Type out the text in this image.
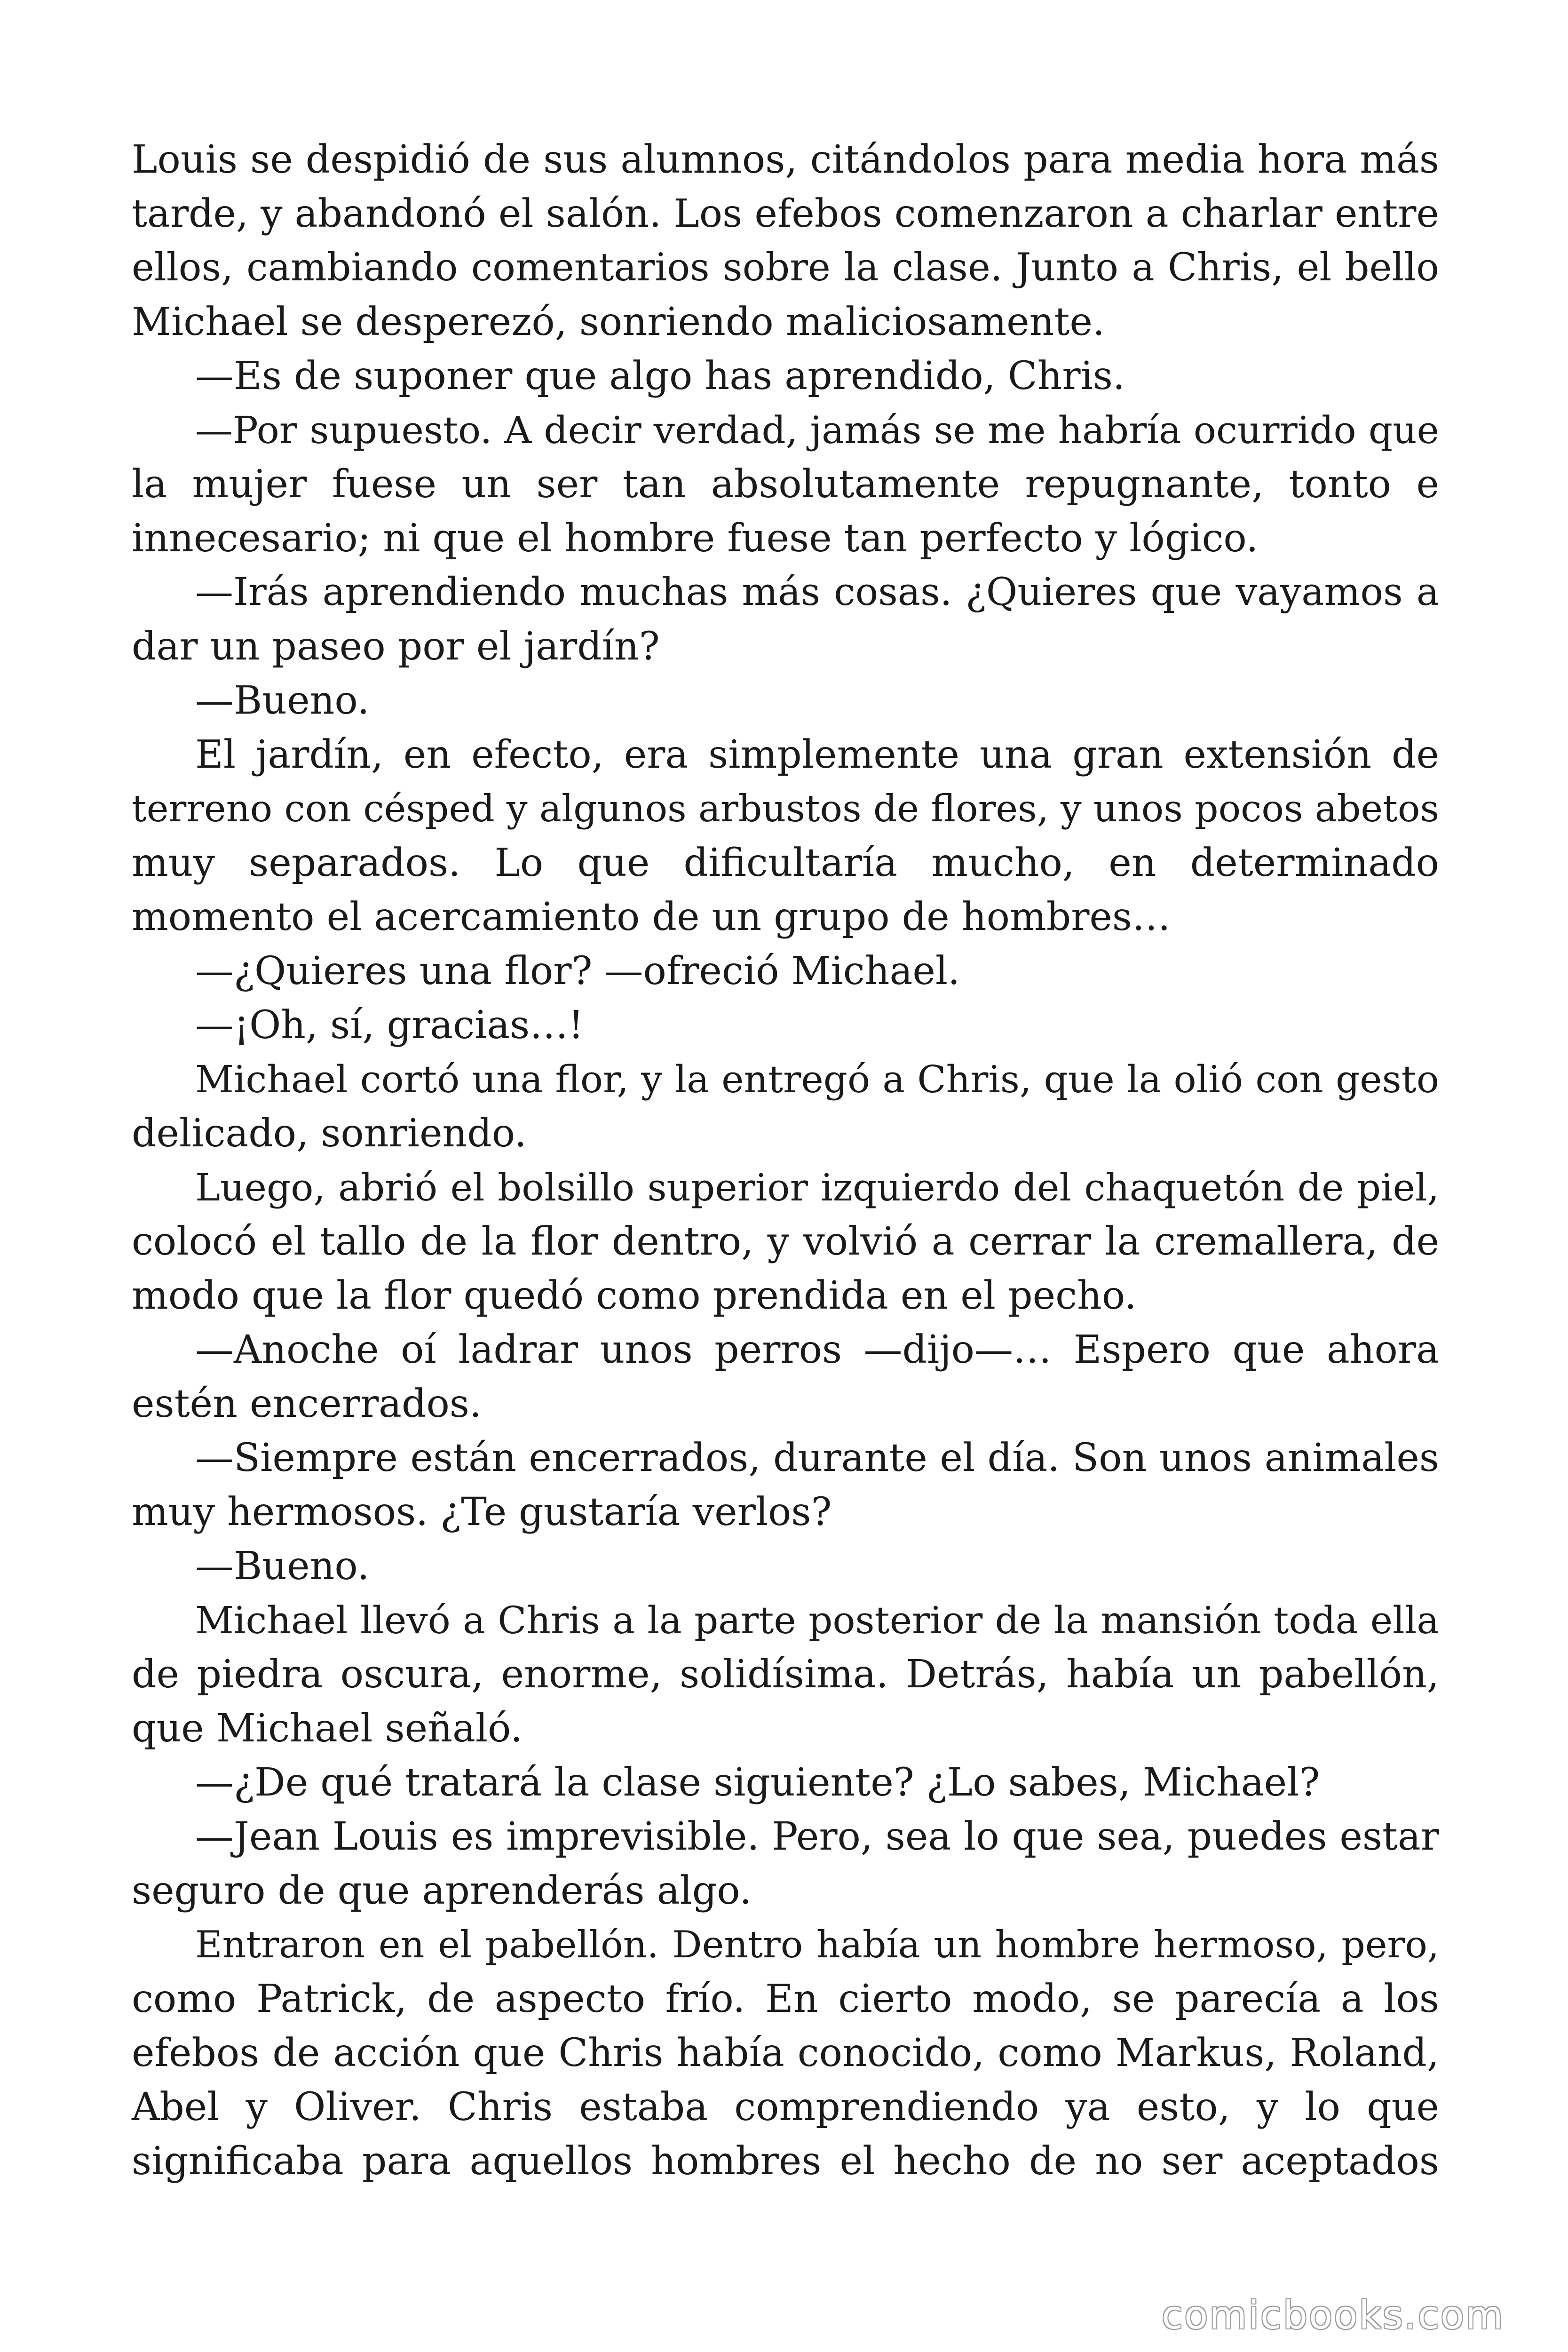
Louis se despidió de sus alumnos, citándolos para media hora más
tarde, y abandonó el salón. Los efebos comenzaron a charlar entre
ellos, cambiando comentarios sobre la clase. Junto a Chris, el bello
Michael se desperezó, sonriendo maliciosamente.
—Es de suponer que algo has aprendido, Chris.
—Por supuesto. A decir verdad, jamás se me habría ocurrido que
la mujer fuese un ser tan absolutamente repugnante, tonto e
innecesario; ni que el hombre fuese tan perfecto y lógico.
—Irás aprendiendo muchas más cosas. ¿Quieres que vayamos a
dar un paseo por el jardín?
—Bueno.
El jardín, en efecto, era simplemente una gran extensión de
terreno con césped y algunos arbustos de flores, y unos pocos abetos
muy separados. Lo que dificultaría mucho, en determinado
momento el acercamiento de un grupo de hombres…
—¿Quieres una flor? —ofreció Michael.
—¡Oh, sí, gracias…!
Michael cortó una flor, y la entregó a Chris, que la olió con gesto
delicado, sonriendo.
Luego, abrió el bolsillo superior izquierdo del chaquetón de piel,
colocó el tallo de la flor dentro, y volvió a cerrar la cremallera, de
modo que la flor quedó como prendida en el pecho.
—Anoche oí ladrar unos perros —dijo—… Espero que ahora
estén encerrados.
—Siempre están encerrados, durante el día. Son unos animales
muy hermosos. ¿Te gustaría verlos?
—Bueno.
Michael llevó a Chris a la parte posterior de la mansión toda ella
de piedra oscura, enorme, solidísima. Detrás, había un pabellón,
que Michael señaló.
—¿De qué tratará la clase siguiente? ¿Lo sabes, Michael?
—Jean Louis es imprevisible. Pero, sea lo que sea, puedes estar
seguro de que aprenderás algo.
Entraron en el pabellón. Dentro había un hombre hermoso, pero,
como Patrick, de aspecto frío. En cierto modo, se parecía a los
efebos de acción que Chris había conocido, como Markus, Roland,
Abel y Oliver. Chris estaba comprendiendo ya esto, y lo que
significaba para aquellos hombres el hecho de no ser aceptados
comicbooks.com
